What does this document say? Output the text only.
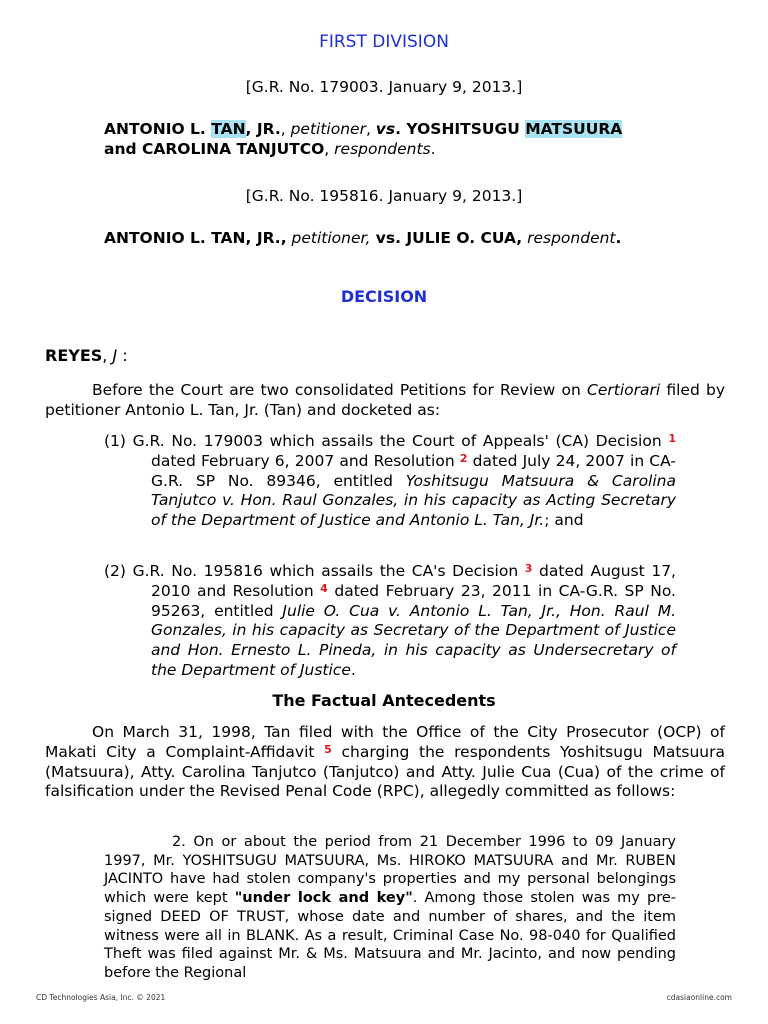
FIRST DIVISION
[G.R. No. 179003. January 9, 2013.]
ANTONIO L. TAN, JR., petitioner, vs. YOSHITSUGU MATSUURA
and CAROLINA TANJUTCO, respondents.
[G.R. No. 195816. January 9, 2013.]
ANTONIO L. TAN, JR., petitioner, vs. JULIE O. CUA, respondent.
DECISION
REYES, J :
Before the Court are two consolidated Petitions for Review on Certiorari filed by petitioner Antonio L. Tan, Jr. (Tan) and docketed as:
(1) G.R. No. 179003 which assails the Court of Appeals' (CA) Decision $^1$ dated February 6, 2007 and Resolution $^2$ dated July 24, 2007 in CA-G.R. SP No. 89346, entitled Yoshitsugu Matsuura & Carolina Tanjutco v. Hon. Raul Gonzales, in his capacity as Acting Secretary of the Department of Justice and Antonio L. Tan, Jr.; and
(2) G.R. No. 195816 which assails the CA's Decision $^3$ dated August 17, 2010 and Resolution $^4$ dated February 23, 2011 in CA-G.R. SP No. 95263, entitled Julie O. Cua v. Antonio L. Tan, Jr., Hon. Raul M. Gonzales, in his capacity as Secretary of the Department of Justice and Hon. Ernesto L. Pineda, in his capacity as Undersecretary of the Department of Justice.
The Factual Antecedents
On March 31, 1998, Tan filed with the Office of the City Prosecutor (OCP) of Makati City a Complaint-Affidavit $^5$ charging the respondents Yoshitsugu Matsuura (Matsuura), Atty. Carolina Tanjutco (Tanjutco) and Atty. Julie Cua (Cua) of the crime of falsification under the Revised Penal Code (RPC), allegedly committed as follows:
2. On or about the period from 21 December 1996 to 09 January 1997, Mr. YOSHITSUGU MATSUURA, Ms. HIROKO MATSUURA and Mr. RUBEN JACINTO have had stolen company's properties and my personal belongings which were kept "under lock and key". Among those stolen was my pre-signed DEED OF TRUST, whose date and number of shares, and the item witness were all in BLANK. As a result, Criminal Case No. 98-040 for Qualified Theft was filed against Mr. & Ms. Matsuura and Mr. Jacinto, and now pending before the Regional
CD Technologies Asia, Inc. © 2021	cdasiaonline.com
